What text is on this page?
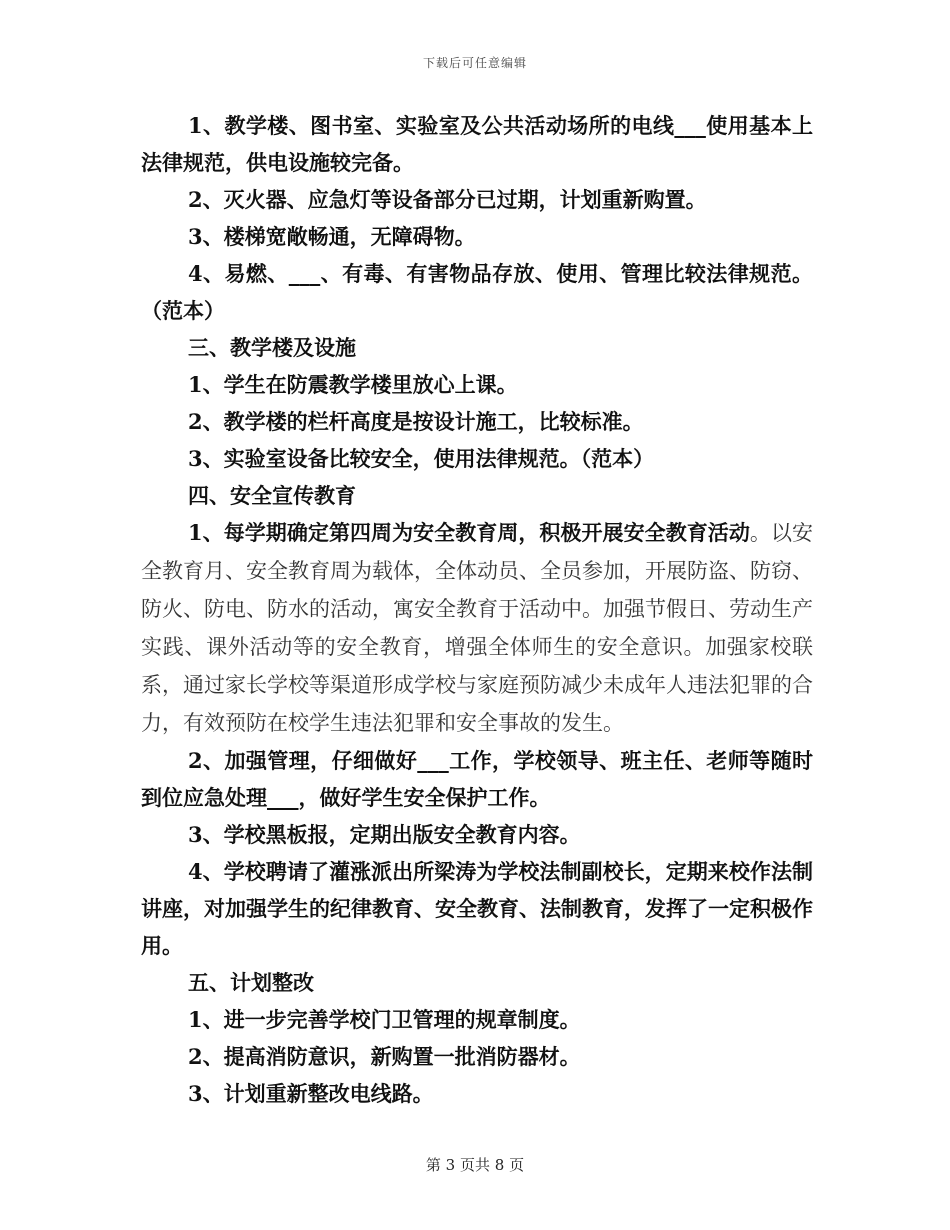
下载后可任意编辑

1、教学楼、图书室、实验室及公共活动场所的电线___使用基本上法律规范，供电设施较完备。

2、灭火器、应急灯等设备部分已过期，计划重新购置。

3、楼梯宽敞畅通，无障碍物。

4、易燃、___、有毒、有害物品存放、使用、管理比较法律规范。（范本）

三、教学楼及设施

1、学生在防震教学楼里放心上课。

2、教学楼的栏杆高度是按设计施工，比较标准。

3、实验室设备比较安全，使用法律规范。（范本）

四、安全宣传教育

1、每学期确定第四周为安全教育周，积极开展安全教育活动。以安全教育月、安全教育周为载体，全体动员、全员参加，开展防盗、防窃、防火、防电、防水的活动，寓安全教育于活动中。加强节假日、劳动生产实践、课外活动等的安全教育，增强全体师生的安全意识。加强家校联系，通过家长学校等渠道形成学校与家庭预防减少未成年人违法犯罪的合力，有效预防在校学生违法犯罪和安全事故的发生。

2、加强管理，仔细做好___工作，学校领导、班主任、老师等随时到位应急处理___，做好学生安全保护工作。

3、学校黑板报，定期出版安全教育内容。

4、学校聘请了灌涨派出所梁涛为学校法制副校长，定期来校作法制讲座，对加强学生的纪律教育、安全教育、法制教育，发挥了一定积极作用。

五、计划整改

1、进一步完善学校门卫管理的规章制度。

2、提高消防意识，新购置一批消防器材。

3、计划重新整改电线路。

第 3 页共 8 页
